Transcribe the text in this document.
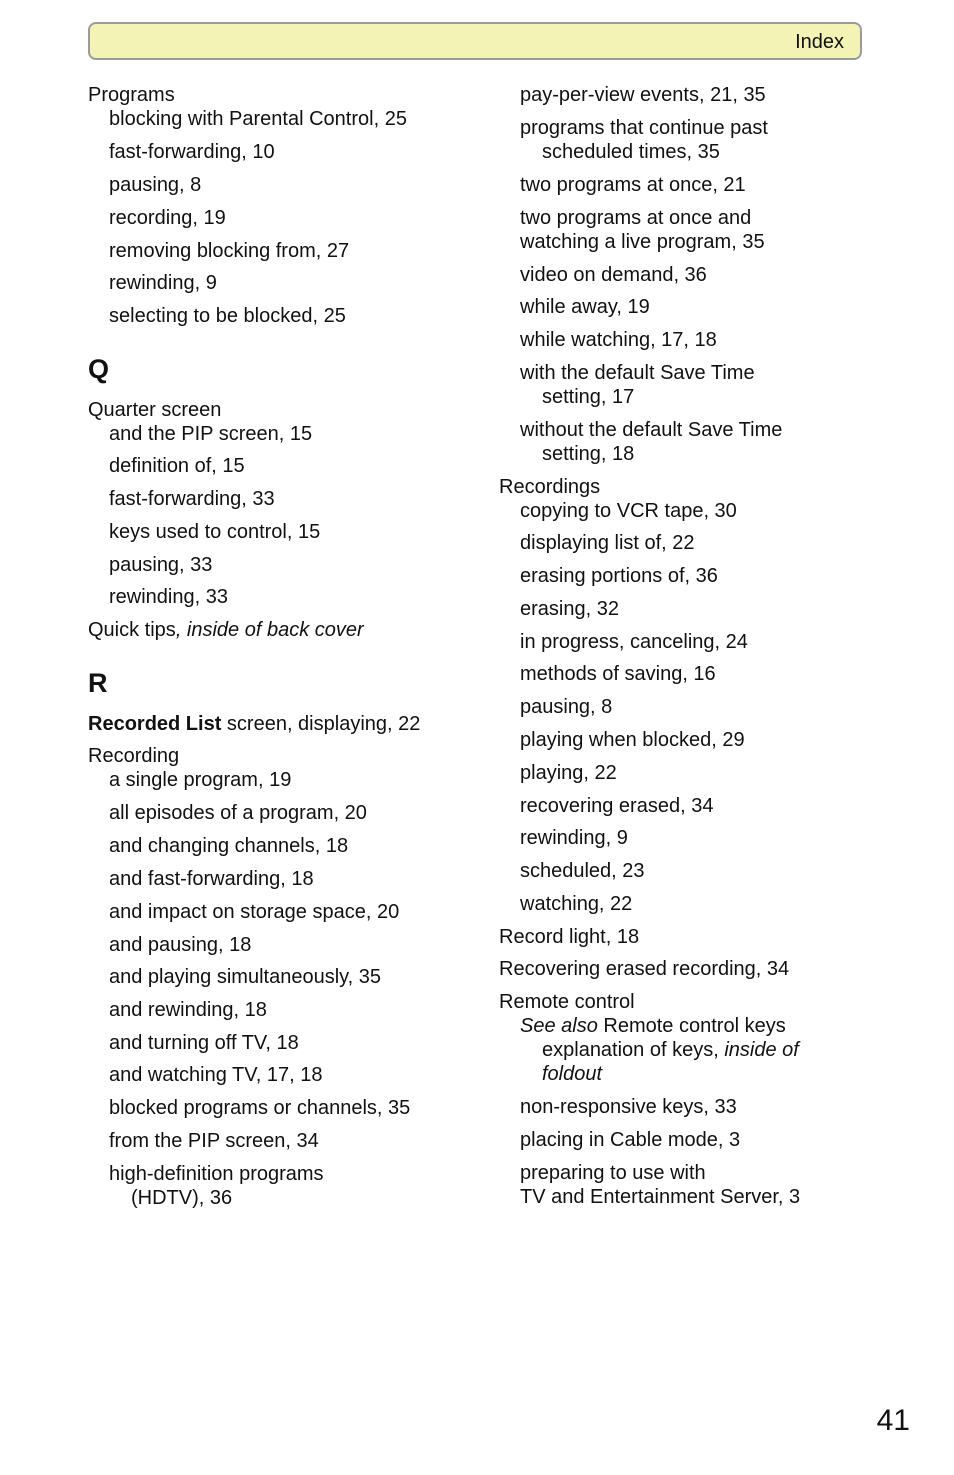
Index
Programs
blocking with Parental Control, 25
fast-forwarding, 10
pausing, 8
recording, 19
removing blocking from, 27
rewinding, 9
selecting to be blocked, 25
Q
Quarter screen
and the PIP screen, 15
definition of, 15
fast-forwarding, 33
keys used to control, 15
pausing, 33
rewinding, 33
Quick tips, inside of back cover
R
Recorded List screen, displaying, 22
Recording
a single program, 19
all episodes of a program, 20
and changing channels, 18
and fast-forwarding, 18
and impact on storage space, 20
and pausing, 18
and playing simultaneously, 35
and rewinding, 18
and turning off TV, 18
and watching TV, 17, 18
blocked programs or channels, 35
from the PIP screen, 34
high-definition programs
(HDTV), 36
pay-per-view events, 21, 35
programs that continue past
scheduled times, 35
two programs at once, 21
two programs at once and
watching a live program, 35
video on demand, 36
while away, 19
while watching, 17, 18
with the default Save Time
setting, 17
without the default Save Time
setting, 18
Recordings
copying to VCR tape, 30
displaying list of, 22
erasing portions of, 36
erasing, 32
in progress, canceling, 24
methods of saving, 16
pausing, 8
playing when blocked, 29
playing, 22
recovering erased, 34
rewinding, 9
scheduled, 23
watching, 22
Record light, 18
Recovering erased recording, 34
Remote control
See also Remote control keys
explanation of keys, inside of
foldout
non-responsive keys, 33
placing in Cable mode, 3
preparing to use with
TV and Entertainment Server, 3
41
